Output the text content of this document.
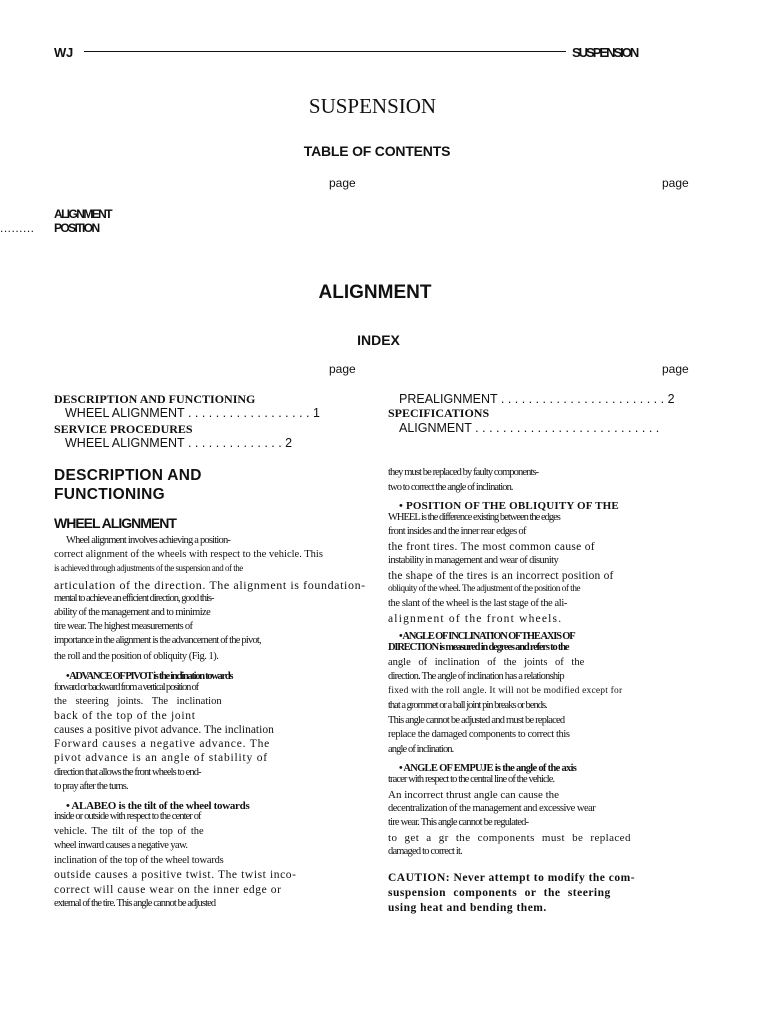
WJ	SUSPENSION
SUSPENSION
TABLE OF CONTENTS
page	page
ALIGNMENT
......... POSITION
ALIGNMENT
INDEX
page	page
DESCRIPTION AND FUNCTIONING
WHEEL ALIGNMENT . . . . . . . . . . . . . . . . . . 1
SERVICE PROCEDURES
WHEEL ALIGNMENT . . . . . . . . . . . . . . 2
PREALIGNMENT . . . . . . . . . . . . . . . . . . . . . . . . 2
SPECIFICATIONS
ALIGNMENT . . . . . . . . . . . . . . . . . . . . . . . . . . .
DESCRIPTION AND
FUNCTIONING
WHEEL ALIGNMENT
Wheel alignment involves achieving a position-
correct alignment of the wheels with respect to the vehicle. This
is achieved through adjustments of the suspension and of the
articulation of the direction. The alignment is foundation-
mental to achieve an efficient direction, good this-
ability of the management and to minimize
tire wear. The highest measurements of
importance in the alignment is the advancement of the pivot,
the roll and the position of obliquity (Fig. 1).
• ADVANCE OF PIVOT is the inclination towards
forward or backward from a vertical position of
the steering joints. The inclination
back of the top of the joint
causes a positive pivot advance. The inclination
Forward causes a negative advance. The
pivot advance is an angle of stability of
direction that allows the front wheels to end-
to pray after the turns.
• ALABEO is the tilt of the wheel towards
inside or outside with respect to the center of
vehicle. The tilt of the top of the
wheel inward causes a negative yaw.
inclination of the top of the wheel towards
outside causes a positive twist. The twist inco-
correct will cause wear on the inner edge or
external of the tire. This angle cannot be adjusted
they must be replaced by faulty components-
two to correct the angle of inclination.
• POSITION OF THE OBLIQUITY OF THE
WHEEL is the difference existing between the edges
front insides and the inner rear edges of
the front tires. The most common cause of
instability in management and wear of disunity
the shape of the tires is an incorrect position of
obliquity of the wheel. The adjustment of the position of the
the slant of the wheel is the last stage of the ali-
alignment of the front wheels.
• ANGLE OF INCLINATION OF THE AXIS OF
DIRECTION is measured in degrees and refers to the
angle of inclination of the joints of the
direction. The angle of inclination has a relationship
fixed with the roll angle. It will not be modified except for
that a grommet or a ball joint pin breaks or bends.
This angle cannot be adjusted and must be replaced
replace the damaged components to correct this
angle of inclination.
• ANGLE OF EMPUJE is the angle of the axis
tracer with respect to the central line of the vehicle.
An incorrect thrust angle can cause the
decentralization of the management and excessive wear
tire wear. This angle cannot be regulated-
to get a gr the components must be replaced
damaged to correct it.
CAUTION: Never attempt to modify the com-
suspension components or the steering
using heat and bending them.
